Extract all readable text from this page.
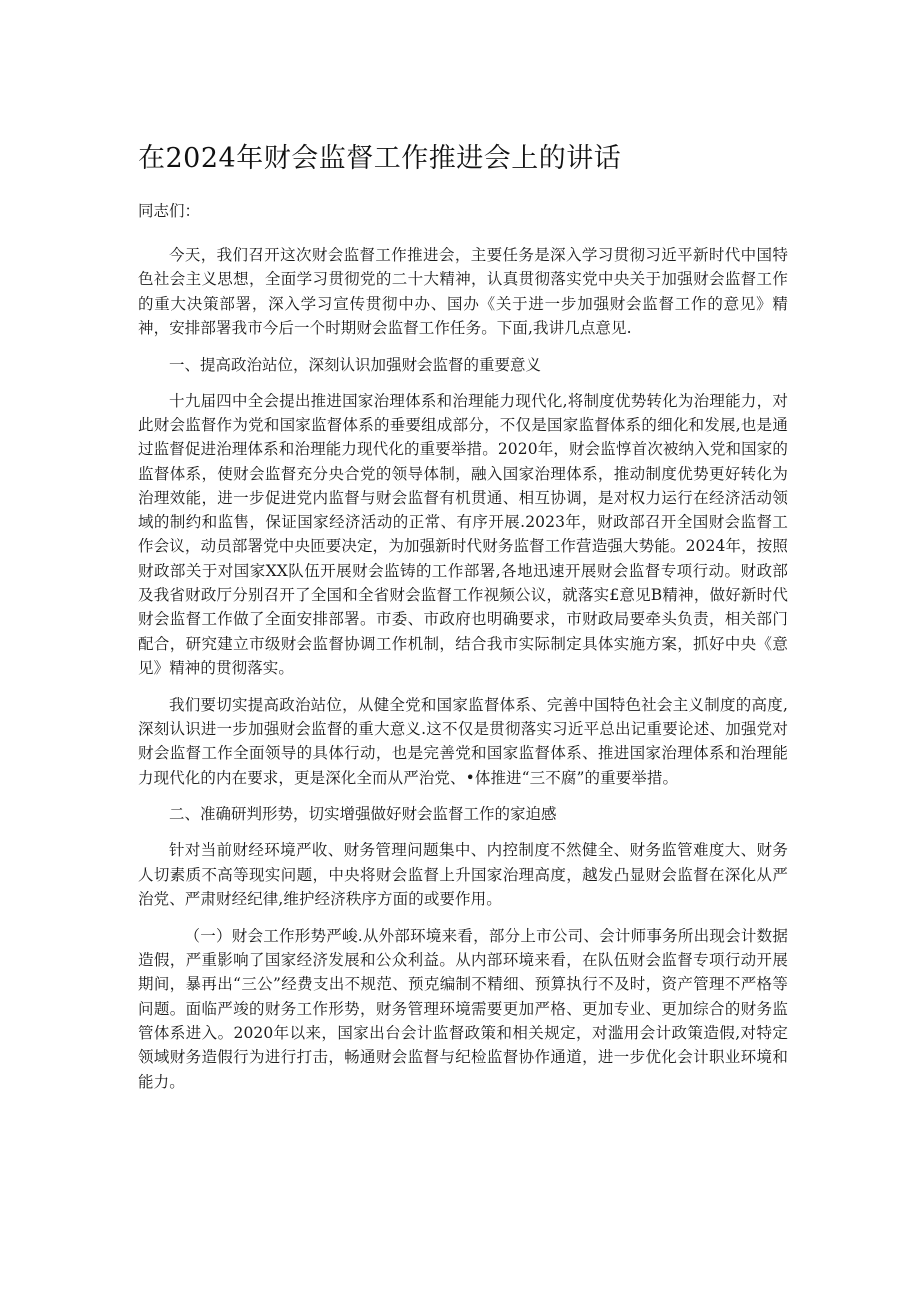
在2024年财会监督工作推进会上的讲话

同志们：

今天，我们召开这次财会监督工作推进会，主要任务是深入学习贯彻习近平新时代中国特色社会主义思想，全面学习贯彻党的二十大精神，认真贯彻落实党中央关于加强财会监督工作的重大决策部署，深入学习宣传贯彻中办、国办《关于进一步加强财会监督工作的意见》精神，安排部署我市今后一个时期财会监督工作任务。下面,我讲几点意见.

一、提高政治站位，深刻认识加强财会监督的重要意义

十九届四中全会提出推进国家治理体系和治理能力现代化,将制度优势转化为治理能力，对此财会监督作为党和国家监督体系的垂要组成部分，不仅是国家监督体系的细化和发展,也是通过监督促进治理体系和治理能力现代化的重要举措。2020年，财会监惇首次被纳入党和国家的监督体系，使财会监督充分央合党的领导体制，融入国家治理体系，推动制度优势更好转化为治理效能，进一步促进党内监督与财会监督有机贯通、相互协调，是对权力运行在经济活动领域的制约和监售，保证国家经济活动的正常、有序开展.2023年，财政部召开全国财会监督工作会议，动员部署党中央匝要决定，为加强新时代财务监督工作营造强大势能。2024年，按照财政部关于对国家XX队伍开展财会监铸的工作部署,各地迅速开展财会监督专项行动。财政部及我省财政厅分别召开了全国和全省财会监督工作视频公议，就落实£意见B精神，做好新时代财会监督工作做了全面安排部署。市委、市政府也明确要求，市财政局要牵头负责，相关部门配合，研究建立市级财会监督协调工作机制，结合我市实际制定具体实施方案，抓好中央《意见》精神的贯彻落实。

我们要切实提高政治站位，从健全党和国家监督体系、完善中国特色社会主义制度的高度,深刻认识进一步加强财会监督的重大意义.这不仅是贯彻落实习近平总出记重要论述、加强党对财会监督工作全面领导的具体行动，也是完善党和国家监督体系、推进国家治理体系和治理能力现代化的内在要求，更是深化全而从严治党、•体推进“三不腐”的重要举措。

二、准确研判形势，切实增强做好财会监督工作的家迫感

针对当前财经环境严收、财务管理问题集中、内控制度不然健全、财务监管难度大、财务人切素质不高等现实问题，中央将财会监督上升国家治理高度，越发凸显财会监督在深化从严治党、严肃财经纪律,维护经济秩序方面的或要作用。

（一）财会工作形势严峻.从外部环境来看，部分上市公司、会计师事务所出现会计数据造假，严重影响了国家经济发展和公众利益。从内部环境来看，在队伍财会监督专项行动开展期间，暴再出“三公”经费支出不规范、预克编制不精细、预算执行不及时，资产管理不严格等问题。面临严竣的财务工作形势，财务管理环境需要更加严格、更加专业、更加综合的财务监管体系进入。2020年以来，国家出台会计监督政策和相关规定，对滥用会计政策造假,对特定领域财务造假行为进行打击，畅通财会监督与纪检监督协作通道，进一步优化会计职业环境和能力。
